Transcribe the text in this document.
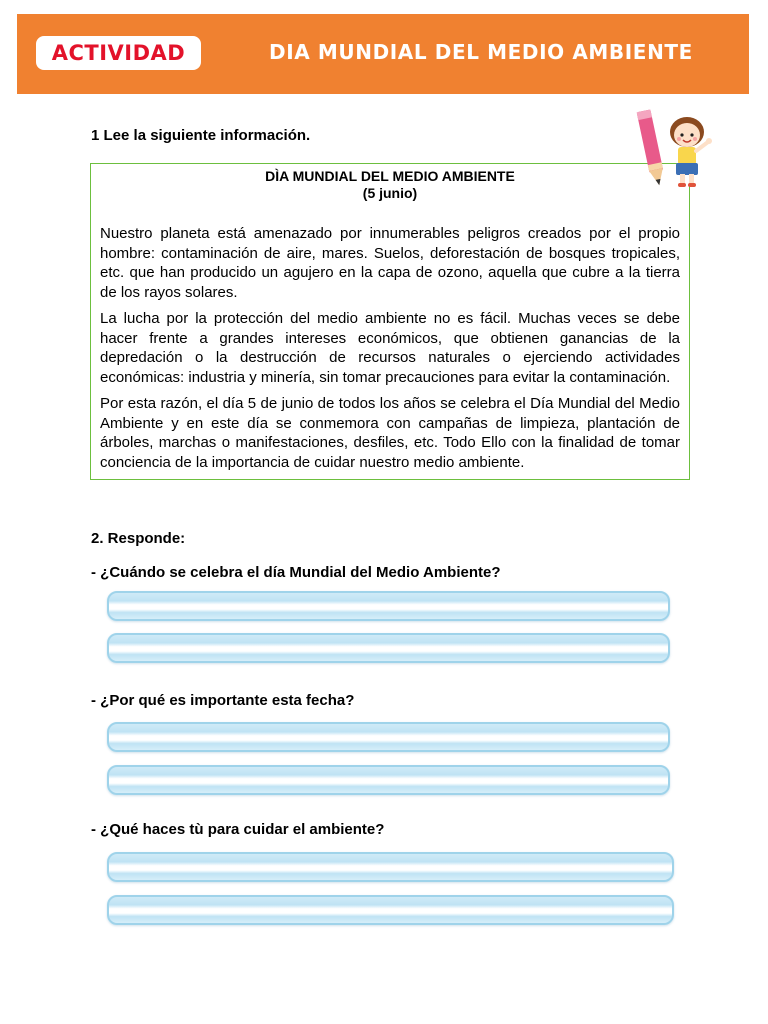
ACTIVIDAD	DIA MUNDIAL DEL MEDIO AMBIENTE
1 Lee la siguiente información.
DÌA MUNDIAL DEL MEDIO AMBIENTE
(5 junio)

Nuestro planeta está amenazado por innumerables peligros creados por el propio hombre: contaminación de aire, mares. Suelos, deforestación de bosques tropicales, etc. que han producido un agujero en la capa de ozono, aquella que cubre a la tierra de los rayos solares.

La lucha por la protección del medio ambiente no es fácil. Muchas veces se debe hacer frente a grandes intereses económicos, que obtienen ganancias de la depredación o la destrucción de recursos naturales o ejerciendo actividades económicas: industria y minería, sin tomar precauciones para evitar la contaminación.

Por esta razón, el día 5 de junio de todos los años se celebra el Día Mundial del Medio Ambiente y en este día se conmemora con campañas de limpieza, plantación de árboles, marchas o manifestaciones, desfiles, etc. Todo Ello con la finalidad de tomar conciencia de la importancia de cuidar nuestro medio ambiente.

2. Responde:
- ¿Cuándo se celebra el día Mundial del Medio Ambiente?
- ¿Por qué es importante esta fecha?
- ¿Qué haces tù para cuidar el ambiente?
